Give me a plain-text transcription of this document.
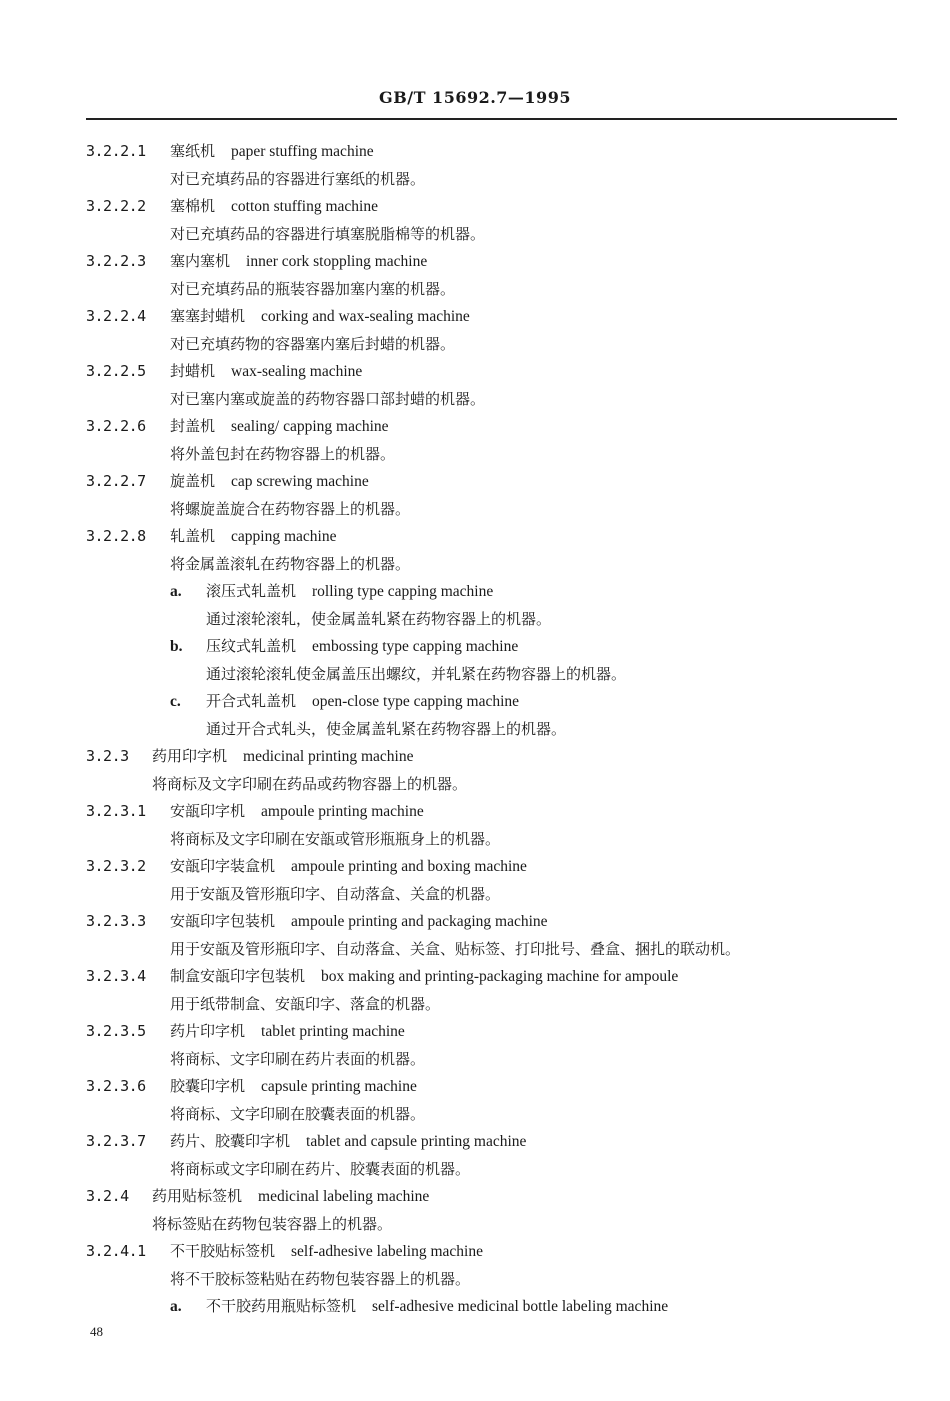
GB/T 15692.7—1995
3.2.2.1 塞纸机 paper stuffing machine
对已充填药品的容器进行塞纸的机器。
3.2.2.2 塞棉机 cotton stuffing machine
对已充填药品的容器进行填塞脱脂棉等的机器。
3.2.2.3 塞内塞机 inner cork stoppling machine
对已充填药品的瓶装容器加塞内塞的机器。
3.2.2.4 塞塞封蜡机 corking and wax-sealing machine
对已充填药物的容器塞内塞后封蜡的机器。
3.2.2.5 封蜡机 wax-sealing machine
对已塞内塞或旋盖的药物容器口部封蜡的机器。
3.2.2.6 封盖机 sealing/ capping machine
将外盖包封在药物容器上的机器。
3.2.2.7 旋盖机 cap screwing machine
将螺旋盖旋合在药物容器上的机器。
3.2.2.8 轧盖机 capping machine
将金属盖滚轧在药物容器上的机器。
a. 滚压式轧盖机 rolling type capping machine
通过滚轮滚轧，使金属盖轧紧在药物容器上的机器。
b. 压纹式轧盖机 embossing type capping machine
通过滚轮滚轧使金属盖压出螺纹，并轧紧在药物容器上的机器。
c. 开合式轧盖机 open-close type capping machine
通过开合式轧头，使金属盖轧紧在药物容器上的机器。
3.2.3 药用印字机 medicinal printing machine
将商标及文字印刷在药品或药物容器上的机器。
3.2.3.1 安瓿印字机 ampoule printing machine
将商标及文字印刷在安瓿或管形瓶瓶身上的机器。
3.2.3.2 安瓿印字装盒机 ampoule printing and boxing machine
用于安瓿及管形瓶印字、自动落盒、关盒的机器。
3.2.3.3 安瓿印字包装机 ampoule printing and packaging machine
用于安瓿及管形瓶印字、自动落盒、关盒、贴标签、打印批号、叠盒、捆扎的联动机。
3.2.3.4 制盒安瓿印字包装机 box making and printing-packaging machine for ampoule
用于纸带制盒、安瓿印字、落盒的机器。
3.2.3.5 药片印字机 tablet printing machine
将商标、文字印刷在药片表面的机器。
3.2.3.6 胶囊印字机 capsule printing machine
将商标、文字印刷在胶囊表面的机器。
3.2.3.7 药片、胶囊印字机 tablet and capsule printing machine
将商标或文字印刷在药片、胶囊表面的机器。
3.2.4 药用贴标签机 medicinal labeling machine
将标签贴在药物包装容器上的机器。
3.2.4.1 不干胶贴标签机 self-adhesive labeling machine
将不干胶标签粘贴在药物包装容器上的机器。
a. 不干胶药用瓶贴标签机 self-adhesive medicinal bottle labeling machine
48
